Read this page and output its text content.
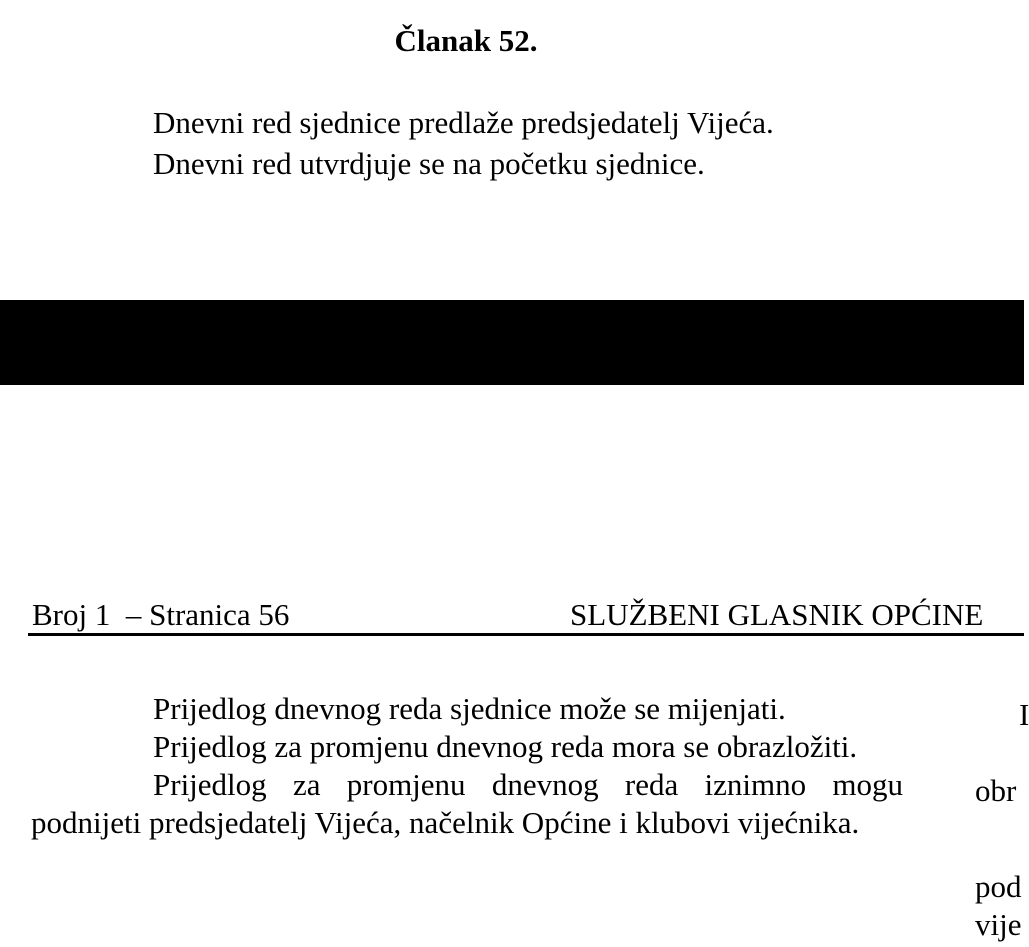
Članak 52.

Dnevni red sjednice predlaže predsjedatelj Vijeća.

Dnevni red utvrdjuje se na početku sjednice.

Broj 1  – Stranica 56	SLUŽBENI GLASNIK OPĆINE

Prijedlog dnevnog reda sjednice može se mijenjati.

Prijedlog za promjenu dnevnog reda mora se obrazložiti.

Prijedlog za promjenu dnevnog reda iznimno mogu podnijeti predsjedatelj Vijeća, načelnik Općine i klubovi vijećnika.

I
obr
pod
vije
